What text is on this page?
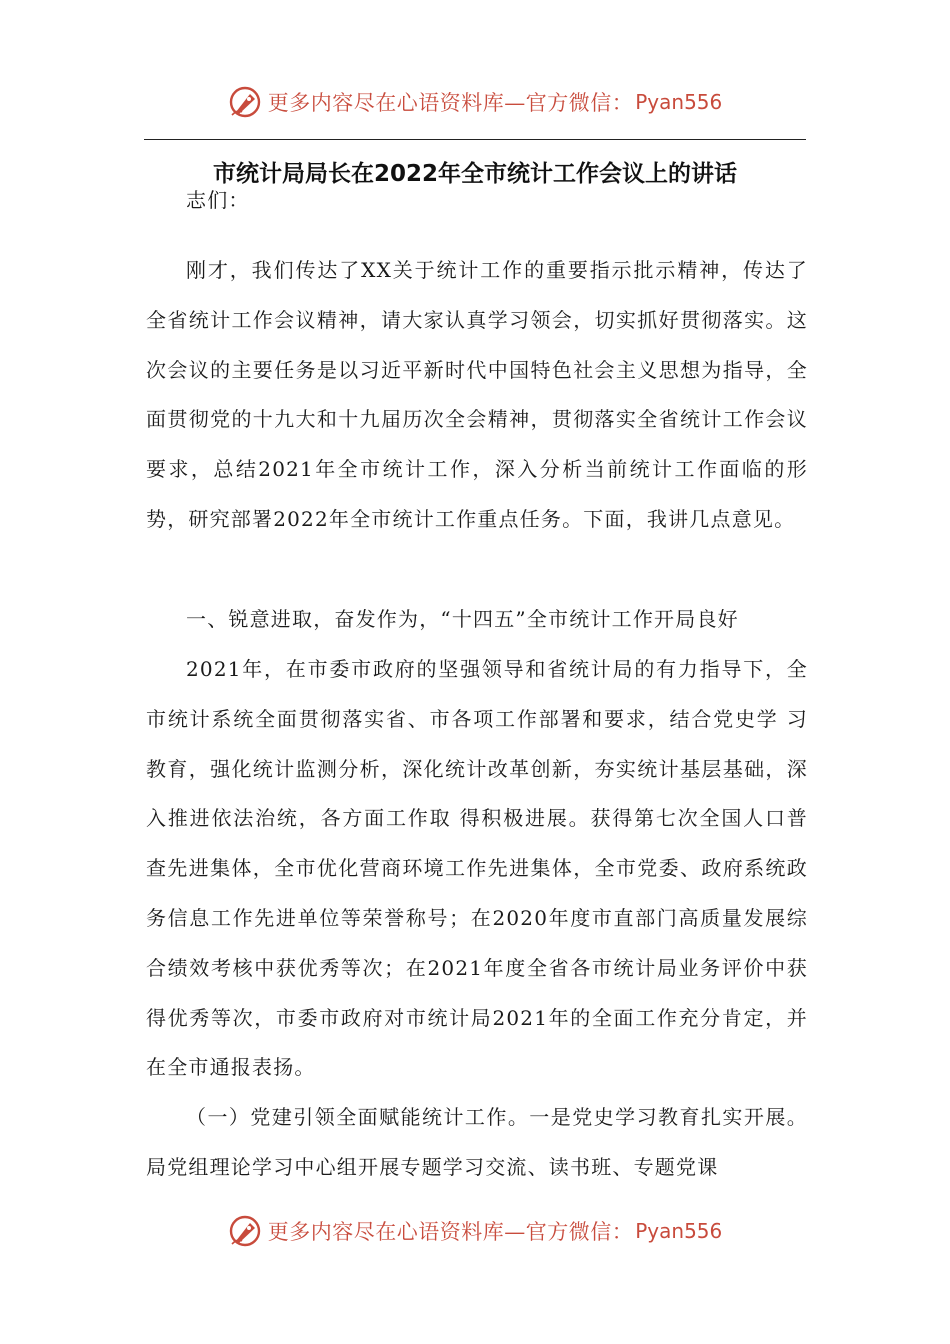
更多内容尽在心语资料库—官方微信： Pyan556
市统计局局长在2022年全市统计工作会议上的讲话
志们：
刚才，我们传达了XX关于统计工作的重要指示批示精神，传达了全省统计工作会议精神，请大家认真学习领会，切实抓好贯彻落实。这次会议的主要任务是以习近平新时代中国特色社会主义思想为指导，全面贯彻党的十九大和十九届历次全会精神，贯彻落实全省统计工作会议要求，总结2021年全市统计工作，深入分析当前统计工作面临的形势，研究部署2022年全市统计工作重点任务。下面，我讲几点意见。
一、锐意进取，奋发作为，“十四五”全市统计工作开局良好
2021年，在市委市政府的坚强领导和省统计局的有力指导下，全市统计系统全面贯彻落实省、市各项工作部署和要求，结合党史学 习教育，强化统计监测分析，深化统计改革创新，夯实统计基层基础，深入推进依法治统，各方面工作取 得积极进展。获得第七次全国人口普查先进集体，全市优化营商环境工作先进集体，全市党委、政府系统政务信息工作先进单位等荣誉称号；在2020年度市直部门高质量发展综合绩效考核中获优秀等次；在2021年度全省各市统计局业务评价中获得优秀等次，市委市政府对市统计局2021年的全面工作充分肯定，并在全市通报表扬。
（一）党建引领全面赋能统计工作。一是党史学习教育扎实开展。局党组理论学习中心组开展专题学习交流、读书班、专题党课
更多内容尽在心语资料库—官方微信： Pyan556
